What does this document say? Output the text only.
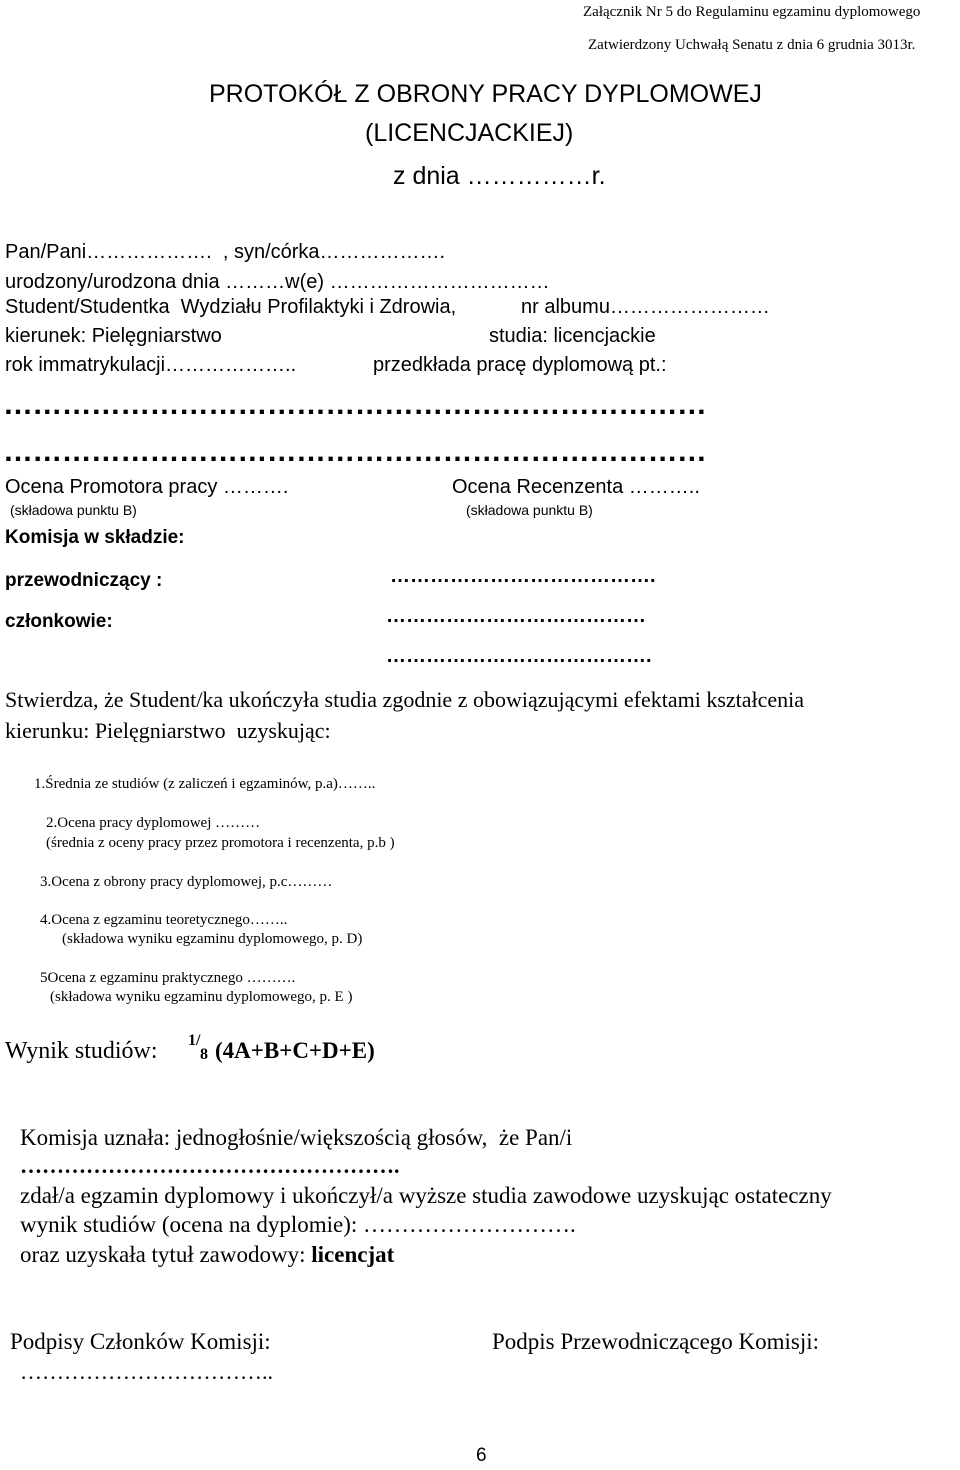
Załącznik Nr 5 do Regulaminu egzaminu dyplomowego
Zatwierdzony Uchwałą Senatu z dnia 6 grudnia 3013r.
PROTOKÓŁ Z OBRONY PRACY DYPLOMOWEJ
(LICENCJACKIEJ)
z dnia ……………r.
Pan/Pani……………….  , syn/córka……………….
urodzony/urodzona dnia ………w(e) ……………………………
Student/Studentka  Wydziału Profilaktyki i Zdrowia,	nr albumu……………………
kierunek: Pielęgniarstwo	studia: licencjackie
rok immatrykulacji………………..	przedkłada pracę dyplomową pt.:
………………………………………………………………
………………………………………………………………
Ocena Promotora pracy ……….
(składowa punktu B)
Ocena Recenzenta ………..
(składowa punktu B)
Komisja w składzie:
przewodniczący :	………………………………….
członkowie:	…………………………………
………………………………….
Stwierdza, że Student/ka ukończyła studia zgodnie z obowiązującymi efektami kształcenia
kierunku: Pielęgniarstwo  uzyskując:
1.Średnia ze studiów (z zaliczeń i egzaminów, p.a)……..
2.Ocena pracy dyplomowej ………
(średnia z oceny pracy przez promotora i recenzenta, p.b )
3.Ocena z obrony pracy dyplomowej, p.c………
4.Ocena z egzaminu teoretycznego……..
(składowa wyniku egzaminu dyplomowego, p. D)
5Ocena z egzaminu praktycznego ……….
(składowa wyniku egzaminu dyplomowego, p. E )
Wynik studiów: 1/
8 (4A+B+C+D+E)
Komisja uznała: jednogłośnie/większością głosów,  że Pan/i
…………………………………………….
zdał/a egzamin dyplomowy i ukończył/a wyższe studia zawodowe uzyskując ostateczny
wynik studiów (ocena na dyplomie): ……………………….
oraz uzyskała tytuł zawodowy: licencjat
Podpisy Członków Komisji:
……………………………..
Podpis Przewodniczącego Komisji:
6
